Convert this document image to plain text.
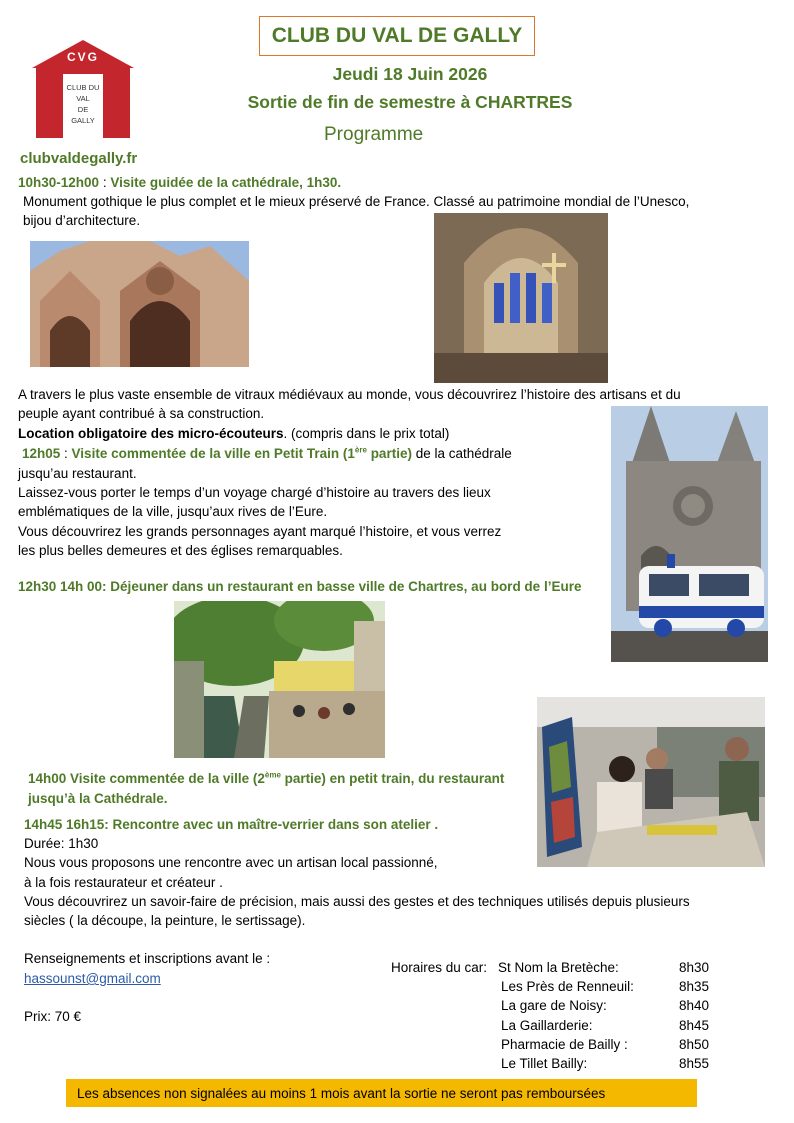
CLUB DU VAL DE GALLY
Jeudi 18 Juin 2026
Sortie de fin de semestre à CHARTRES
Programme
CVG
CLUB DU
VAL
DE
GALLY
clubvaldegally.fr
10h30-12h00 : Visite guidée de la cathédrale, 1h30.
Monument gothique le plus complet et le mieux préservé de France. Classé au patrimoine mondial de l’Unesco,
bijou d’architecture.
A travers le plus vaste ensemble de vitraux médiévaux au monde, vous découvrirez l’histoire des artisans et du
peuple ayant contribué à sa construction.
Location obligatoire des micro-écouteurs. (compris dans le prix total)
12h05 : Visite commentée de la ville en Petit Train (1ère partie) de la cathédrale
jusqu’au restaurant.
Laissez-vous porter le temps d’un voyage chargé d’histoire au travers des lieux
emblématiques de la ville, jusqu’aux rives de l’Eure.
Vous découvrirez les grands personnages ayant marqué l’histoire, et vous verrez
les plus belles demeures et des églises remarquables.
12h30 14h 00: Déjeuner dans un restaurant en basse ville de Chartres, au bord de l’Eure
14h00 Visite commentée de la ville (2ème partie) en petit train, du restaurant
jusqu’à la Cathédrale.
14h45 16h15: Rencontre avec un maître-verrier dans son atelier .
Durée: 1h30
Nous vous proposons une rencontre avec un artisan local passionné,
à la fois restaurateur et créateur .
Vous découvrirez un savoir-faire de précision, mais aussi des gestes et des techniques utilisés depuis plusieurs
siècles ( la découpe, la peinture, le sertissage).
Renseignements et inscriptions avant le :
hassounst@gmail.com
Prix: 70 €
Horaires du car: St Nom la Bretèche:	8h30
Les Près de Renneuil:	8h35
La gare de Noisy:	8h40
La Gaillarderie:	8h45
Pharmacie de Bailly :	8h50
Le Tillet Bailly:	8h55
Les absences non signalées au moins 1 mois avant la sortie ne seront pas remboursées
